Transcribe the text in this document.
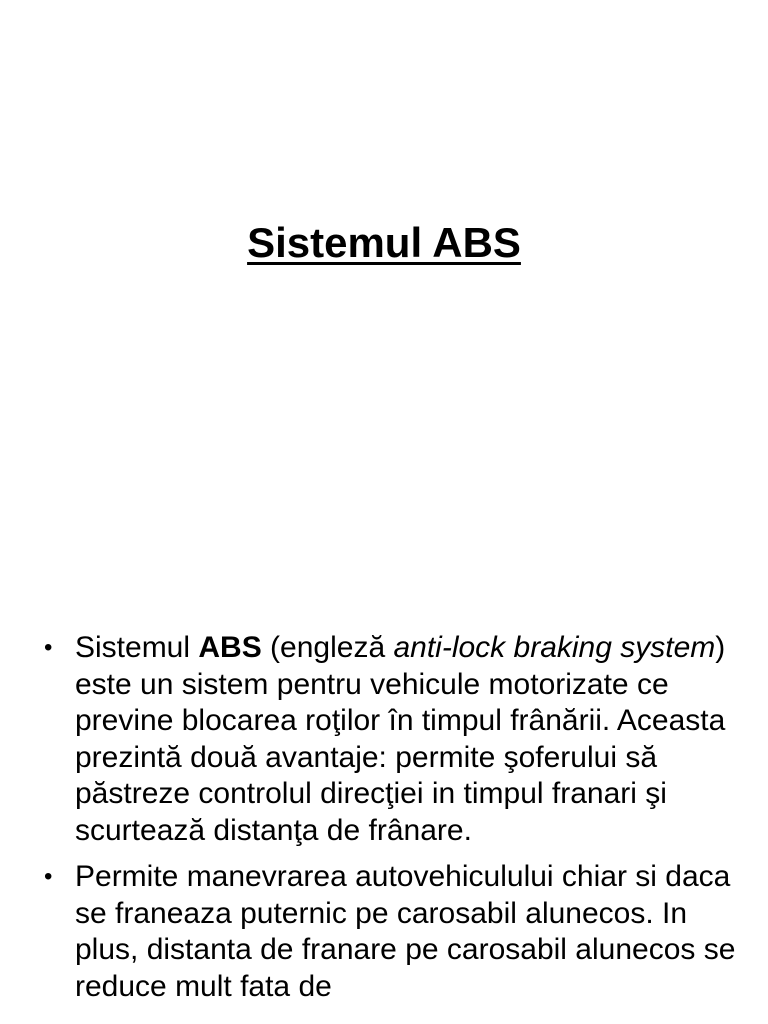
Sistemul ABS
• Sistemul ABS (engleză anti-lock braking system) este un sistem pentru vehicule motorizate ce previne blocarea roţilor în timpul frânării. Aceasta prezintă două avantaje: permite şoferului să păstreze controlul direcţiei in timpul franari şi scurtează distanţa de frânare.
• Permite manevrarea autovehiculului chiar si daca se franeaza puternic pe carosabil alunecos. In plus, distanta de franare pe carosabil alunecos se reduce mult fata de
